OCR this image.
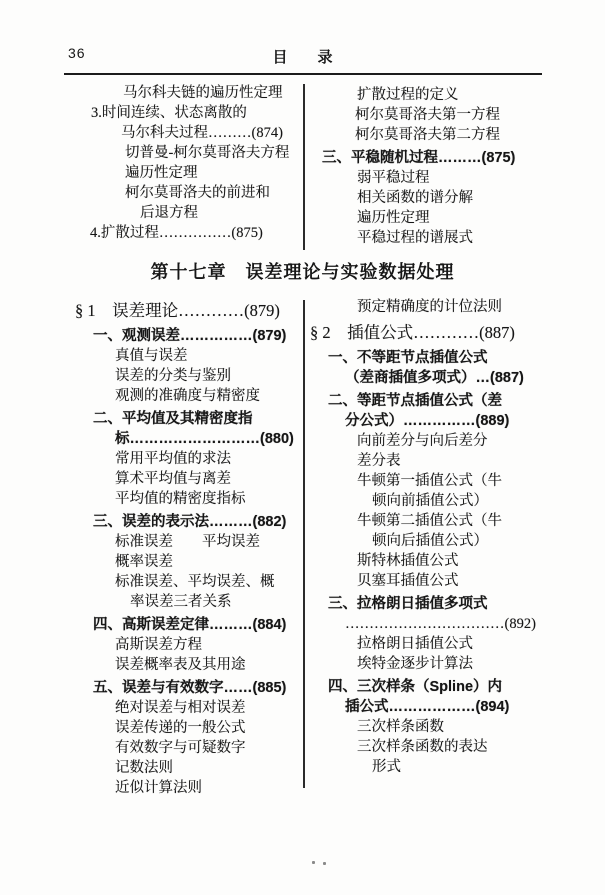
36	目　　录
马尔科夫链的遍历性定理
3.时间连续、状态离散的
马尔科夫过程………(874)
切普曼-柯尔莫哥洛夫方程
遍历性定理
柯尔莫哥洛夫的前进和
后退方程
4.扩散过程……………(875)
扩散过程的定义
柯尔莫哥洛夫第一方程
柯尔莫哥洛夫第二方程
三、平稳随机过程………(875)
弱平稳过程
相关函数的谱分解
遍历性定理
平稳过程的谱展式
第十七章　误差理论与实验数据处理
§ 1　误差理论…………(879)
一、观测误差……………(879)
真值与误差
误差的分类与鉴别
观测的准确度与精密度
二、平均值及其精密度指
标………………………(880)
常用平均值的求法
算术平均值与离差
平均值的精密度指标
三、误差的表示法………(882)
标准误差　　平均误差
概率误差
标准误差、平均误差、概
率误差三者关系
四、高斯误差定律………(884)
高斯误差方程
误差概率表及其用途
五、误差与有效数字……(885)
绝对误差与相对误差
误差传递的一般公式
有效数字与可疑数字
记数法则
近似计算法则
预定精确度的计位法则
§ 2　插值公式…………(887)
一、不等距节点插值公式
（差商插值多项式）…(887)
二、等距节点插值公式（差
分公式）……………(889)
向前差分与向后差分
差分表
牛顿第一插值公式（牛
顿向前插值公式）
牛顿第二插值公式（牛
顿向后插值公式）
斯特林插值公式
贝塞耳插值公式
三、拉格朗日插值多项式
……………………………(892)
拉格朗日插值公式
埃特金逐步计算法
四、三次样条（Spline）内
插公式………………(894)
三次样条函数
三次样条函数的表达
形式
